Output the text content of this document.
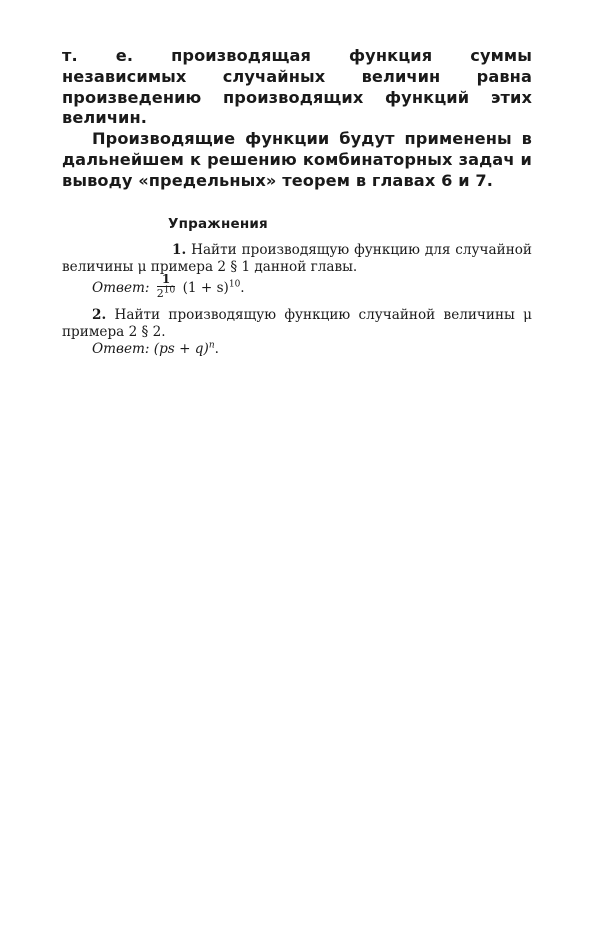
т. е. производящая функция суммы независимых случайных величин равна произведению производящих функций этих величин.

Производящие функции будут применены в дальнейшем к решению комбинаторных задач и выводу «предельных» теорем в главах 6 и 7.

Упражнения

1. Найти производящую функцию для случайной величины μ примера 2 § 1 данной главы.

Ответ: $\frac{1}{2^{10}} (1 + s)^{10}$.

2. Найти производящую функцию случайной величины μ примера 2 § 2.

Ответ: (ps + q)$^n$.
